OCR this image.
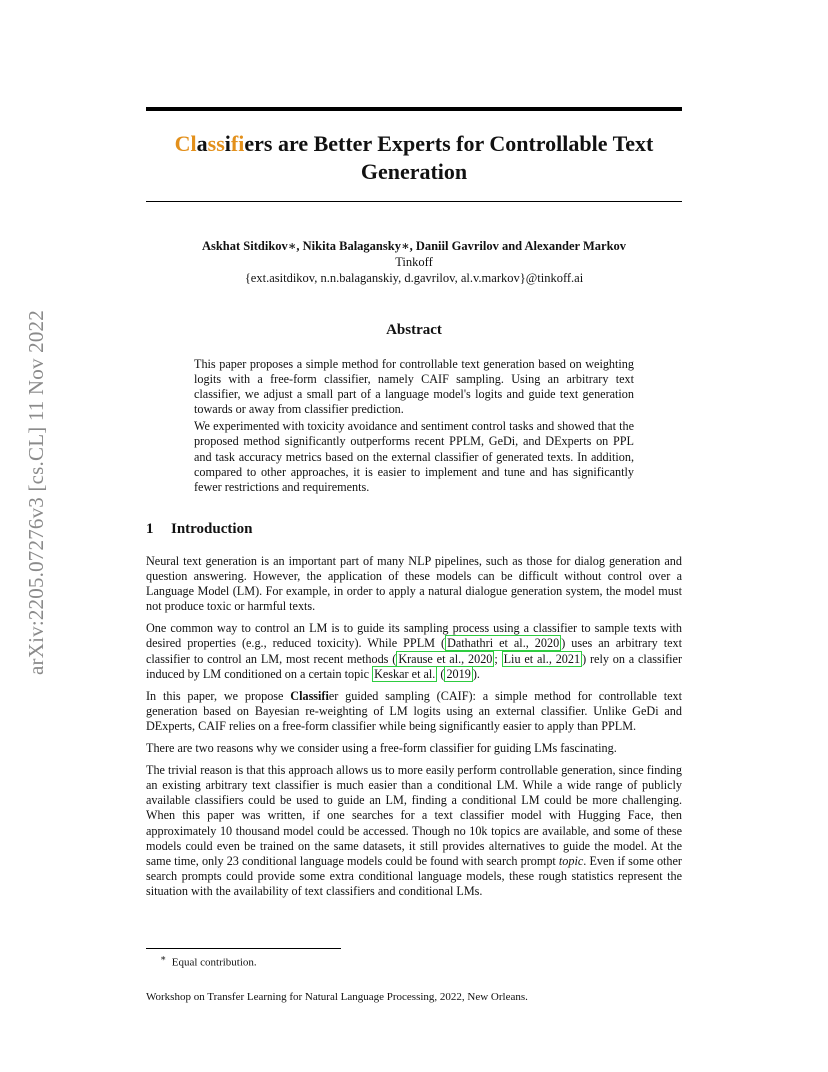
arXiv:2205.07276v3 [cs.CL] 11 Nov 2022
Classifiers are Better Experts for Controllable Text
Generation
Askhat Sitdikov∗, Nikita Balagansky∗, Daniil Gavrilov and Alexander Markov
Tinkoff
{ext.asitdikov, n.n.balaganskiy, d.gavrilov, al.v.markov}@tinkoff.ai
Abstract

This paper proposes a simple method for controllable text generation based on weighting logits with a free-form classifier, namely CAIF sampling. Using an arbitrary text classifier, we adjust a small part of a language model's logits and guide text generation towards or away from classifier prediction.

We experimented with toxicity avoidance and sentiment control tasks and showed that the proposed method significantly outperforms recent PPLM, GeDi, and DExperts on PPL and task accuracy metrics based on the external classifier of generated texts. In addition, compared to other approaches, it is easier to implement and tune and has significantly fewer restrictions and requirements.

1 Introduction

Neural text generation is an important part of many NLP pipelines, such as those for dialog generation and question answering. However, the application of these models can be difficult without control over a Language Model (LM). For example, in order to apply a natural dialogue generation system, the model must not produce toxic or harmful texts.

One common way to control an LM is to guide its sampling process using a classifier to sample texts with desired properties (e.g., reduced toxicity). While PPLM ( Dathathri et al., 2020 ) uses an arbitrary text classifier to control an LM, most recent methods ( Krause et al., 2020 ; Liu et al., 2021 ) rely on a classifier induced by LM conditioned on a certain topic Keskar et al. ( 2019 ).

In this paper, we propose Classifier guided sampling (CAIF): a simple method for controllable text generation based on Bayesian re-weighting of LM logits using an external classifier. Unlike GeDi and DExperts, CAIF relies on a free-form classifier while being significantly easier to apply than PPLM.

There are two reasons why we consider using a free-form classifier for guiding LMs fascinating.

The trivial reason is that this approach allows us to more easily perform controllable generation, since finding an existing arbitrary text classifier is much easier than a conditional LM. While a wide range of publicly available classifiers could be used to guide an LM, finding a conditional LM could be more challenging. When this paper was written, if one searches for a text classifier model with Hugging Face, then approximately 10 thousand model could be accessed. Though no 10k topics are available, and some of these models could even be trained on the same datasets, it still provides alternatives to guide the model. At the same time, only 23 conditional language models could be found with search prompt topic. Even if some other search prompts could provide some extra conditional language models, these rough statistics represent the situation with the availability of text classifiers and conditional LMs.

∗ Equal contribution.
Workshop on Transfer Learning for Natural Language Processing, 2022, New Orleans.
